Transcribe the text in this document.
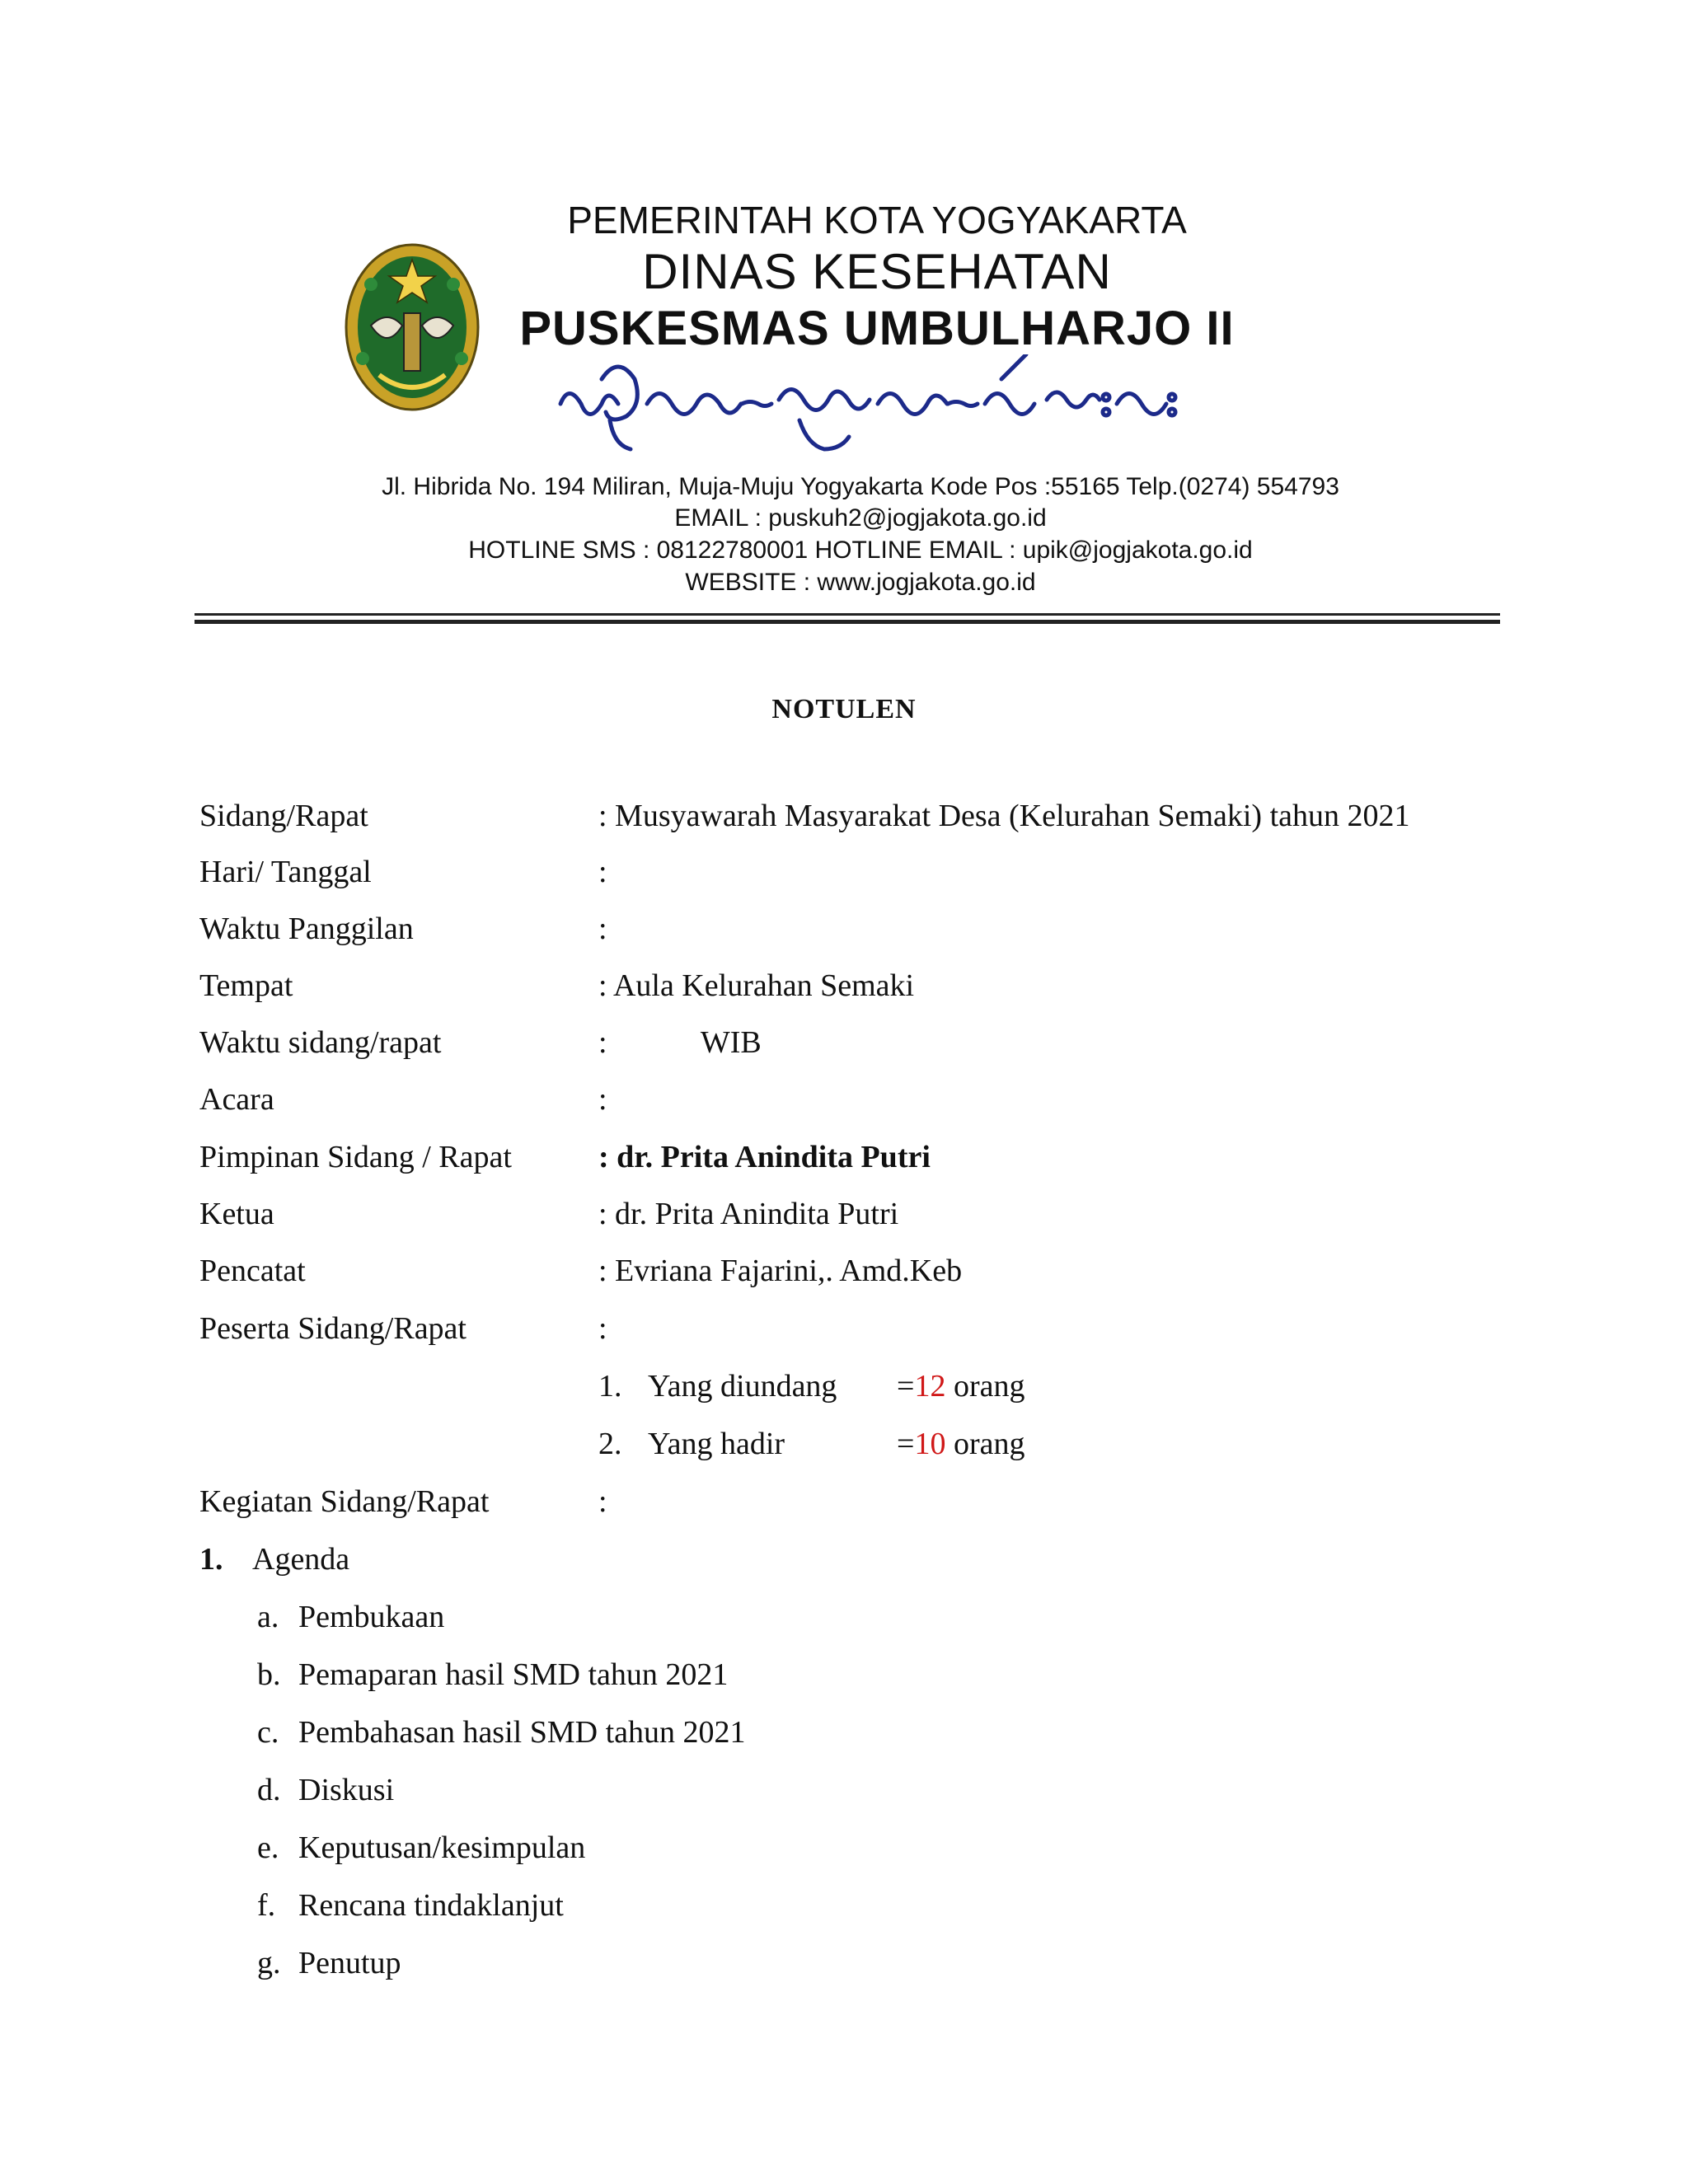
PEMERINTAH KOTA YOGYAKARTA
DINAS KESEHATAN
PUSKESMAS UMBULHARJO II
Jl. Hibrida No. 194 Miliran, Muja-Muju Yogyakarta Kode Pos :55165 Telp.(0274) 554793
EMAIL : puskuh2@jogjakota.go.id
HOTLINE SMS : 08122780001 HOTLINE EMAIL : upik@jogjakota.go.id
WEBSITE : www.jogjakota.go.id
NOTULEN
Sidang/Rapat	: Musyawarah Masyarakat Desa (Kelurahan Semaki) tahun 2021
Hari/ Tanggal	:
Waktu Panggilan	:
Tempat	: Aula Kelurahan Semaki
Waktu sidang/rapat	:            WIB
Acara	:
Pimpinan Sidang / Rapat	: dr. Prita Anindita Putri
Ketua	: dr. Prita Anindita Putri
Pencatat	: Evriana Fajarini,. Amd.Keb
Peserta Sidang/Rapat	:
1. Yang diundang =12 orang
2. Yang hadir	=10 orang
Kegiatan Sidang/Rapat	:
1. Agenda
a. Pembukaan
b. Pemaparan hasil SMD tahun 2021
c. Pembahasan hasil SMD tahun 2021
d. Diskusi
e. Keputusan/kesimpulan
f. Rencana tindaklanjut
g. Penutup
